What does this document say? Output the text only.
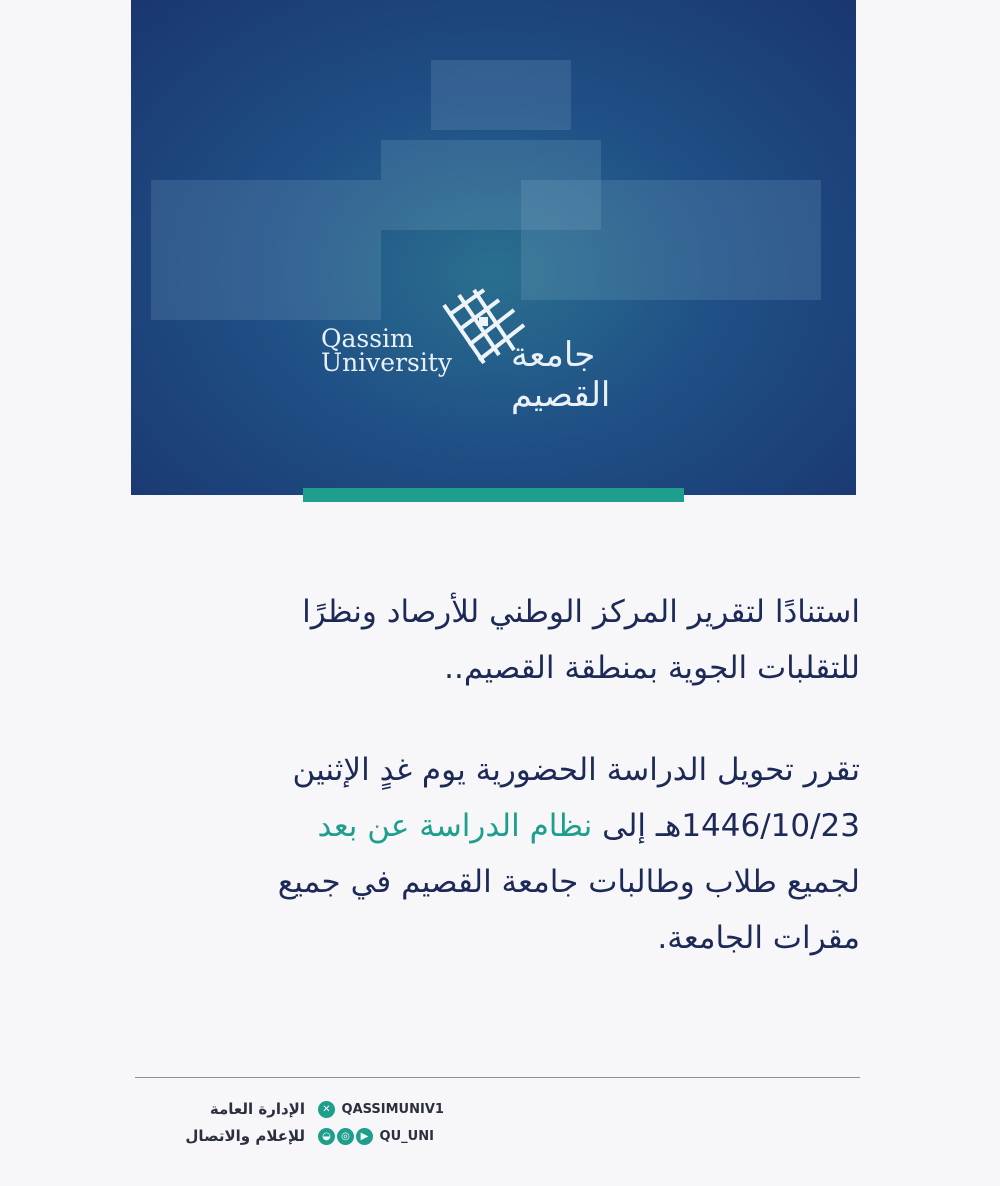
Qassim
University جامعة القصيم
استنادًا لتقرير المركز الوطني للأرصاد ونظرًا
للتقلبات الجوية بمنطقة القصيم..
تقرر تحويل الدراسة الحضورية يوم غدٍ الإثنين
1446/10/23هـ إلى نظام الدراسة عن بعد
لجميع طلاب وطالبات جامعة القصيم في جميع
مقرات الجامعة.
الإدارة العامة
للإعلام والاتصال
✕ QASSIMUNIV1
◒ ◎ ▶ QU_UNI
